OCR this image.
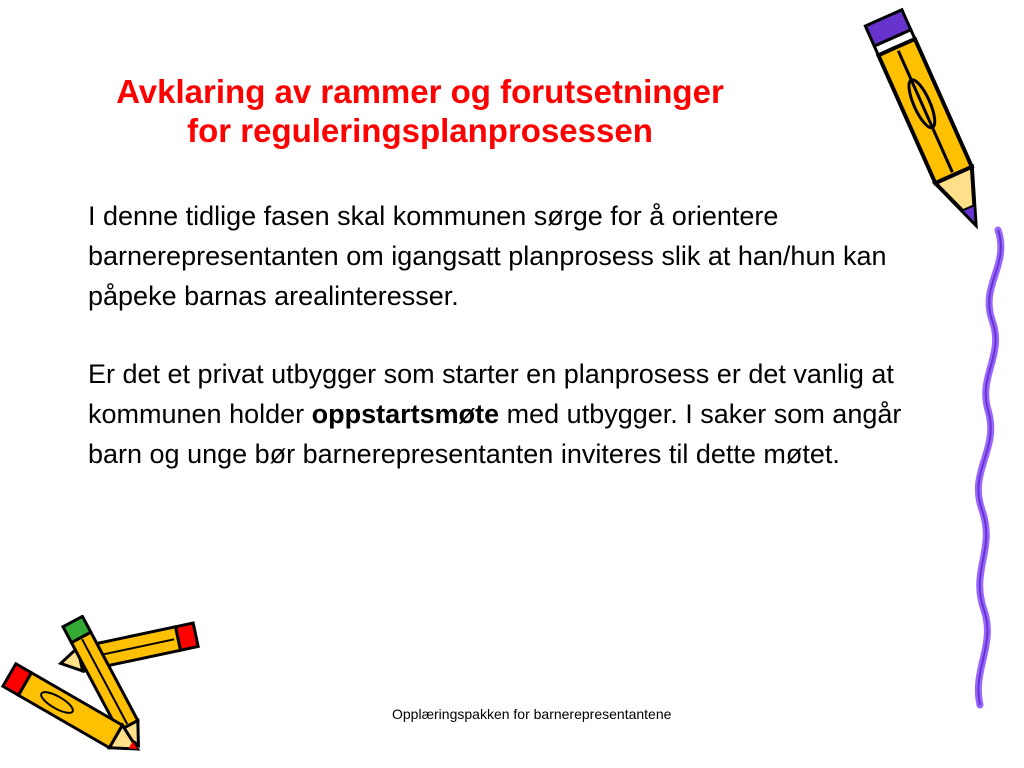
Avklaring av rammer og forutsetninger
for reguleringsplanprosessen

I denne tidlige fasen skal kommunen sørge for å orientere barnerepresentanten om igangsatt planprosess slik at han/hun kan påpeke barnas arealinteresser.

Er det et privat utbygger som starter en planprosess er det vanlig at kommunen holder oppstartsmøte med utbygger. I saker som angår barn og unge bør barnerepresentanten inviteres til dette møtet.

Opplæringspakken for barnerepresentantene
